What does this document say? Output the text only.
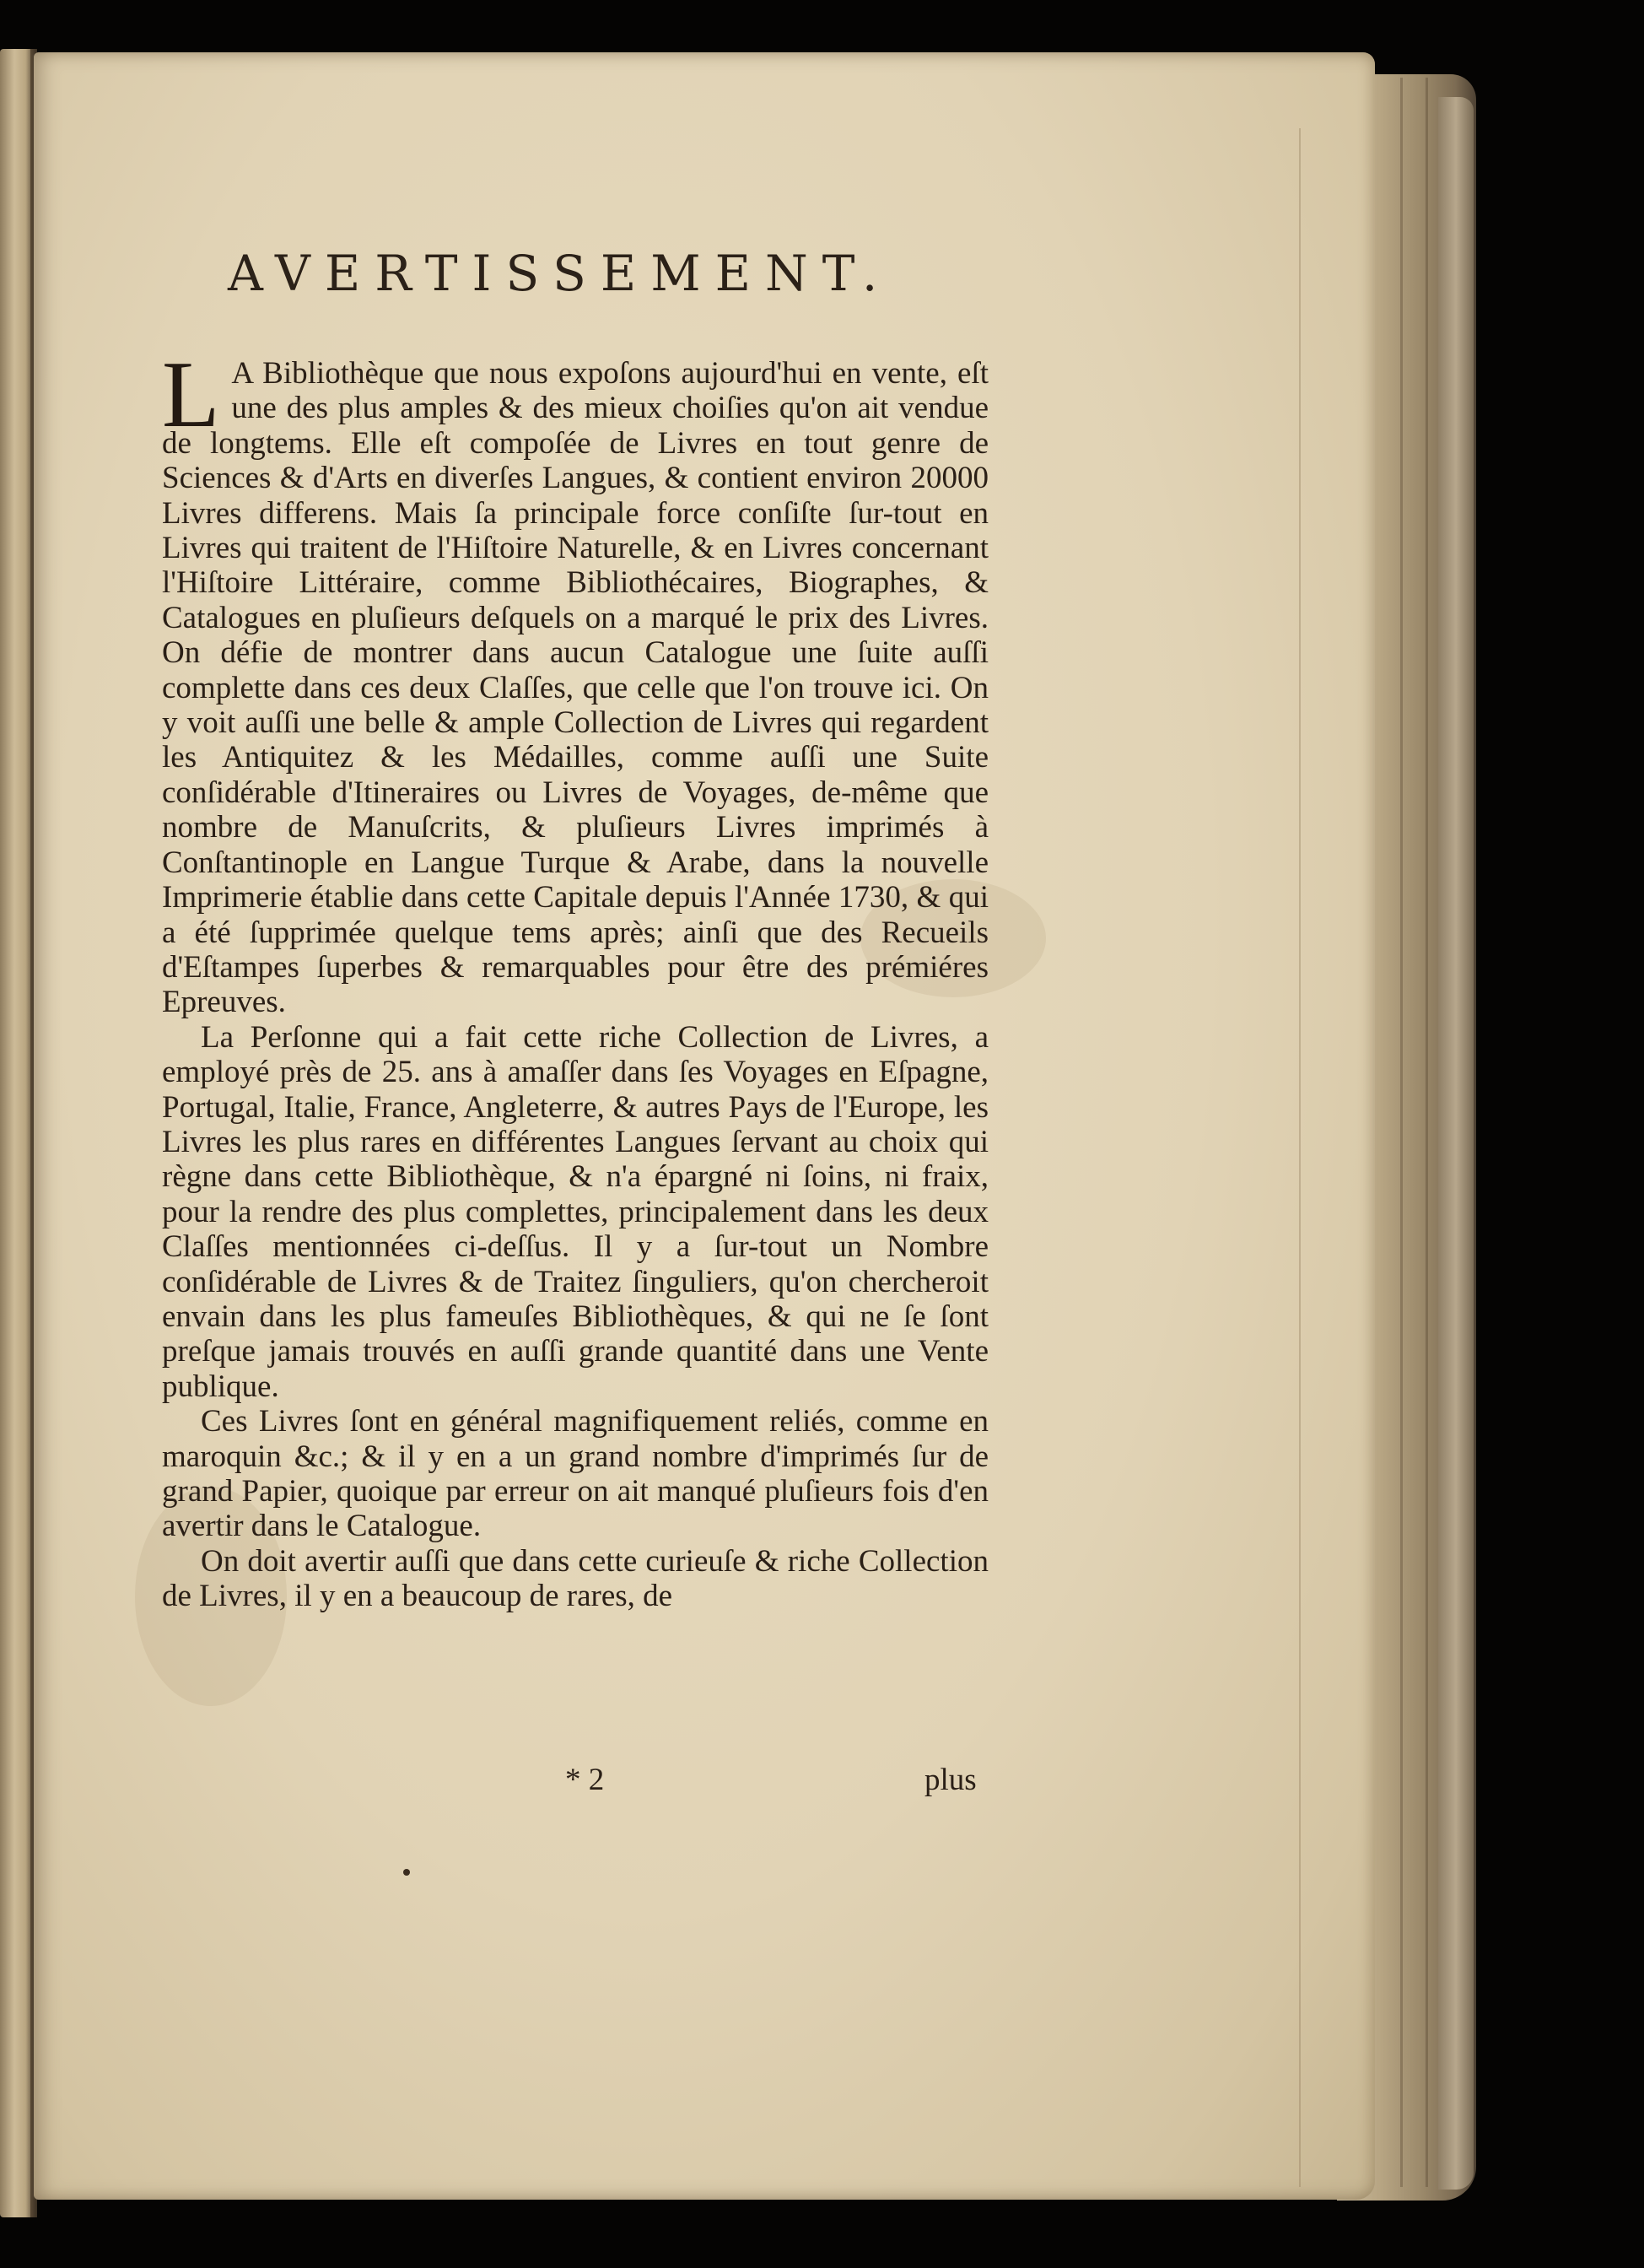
AVERTISSEMENT.

L A Bibliothèque que nous expoſons aujourd'hui en vente, eſt une des plus amples & des mieux choiſies qu'on ait vendue de longtems. Elle eſt compoſée de Livres en tout genre de Sciences & d'Arts en diverſes Langues, & contient environ 20000 Livres differens. Mais ſa principale force conſiſte ſur-tout en Livres qui traitent de l'Hiſtoire Naturelle, & en Livres concernant l'Hiſtoire Littéraire, comme Bibliothécaires, Biographes, & Catalogues en pluſieurs deſquels on a marqué le prix des Livres. On défie de montrer dans aucun Catalogue une ſuite auſſi complette dans ces deux Claſſes, que celle que l'on trouve ici. On y voit auſſi une belle & ample Collection de Livres qui regardent les Antiquitez & les Médailles, comme auſſi une Suite conſidérable d'Itineraires ou Livres de Voyages, de-même que nombre de Manuſcrits, & pluſieurs Livres imprimés à Conſtantinople en Langue Turque & Arabe, dans la nouvelle Imprimerie établie dans cette Capitale depuis l'Année 1730, & qui a été ſupprimée quelque tems après; ainſi que des Recueils d'Eſtampes ſuperbes & remarquables pour être des prémiéres Epreuves.

La Perſonne qui a fait cette riche Collection de Livres, a employé près de 25. ans à amaſſer dans ſes Voyages en Eſpagne, Portugal, Italie, France, Angleterre, & autres Pays de l'Europe, les Livres les plus rares en différentes Langues ſervant au choix qui règne dans cette Bibliothèque, & n'a épargné ni ſoins, ni fraix, pour la rendre des plus complettes, principalement dans les deux Claſſes mentionnées ci-deſſus. Il y a ſur-tout un Nombre conſidérable de Livres & de Traitez ſinguliers, qu'on chercheroit envain dans les plus fameuſes Bibliothèques, & qui ne ſe ſont preſque jamais trouvés en auſſi grande quantité dans une Vente publique.

Ces Livres ſont en général magnifiquement reliés, comme en maroquin &c.; & il y en a un grand nombre d'imprimés ſur de grand Papier, quoique par erreur on ait manqué pluſieurs fois d'en avertir dans le Catalogue.

On doit avertir auſſi que dans cette curieuſe & riche Collection de Livres, il y en a beaucoup de rares, de

* 2	plus
